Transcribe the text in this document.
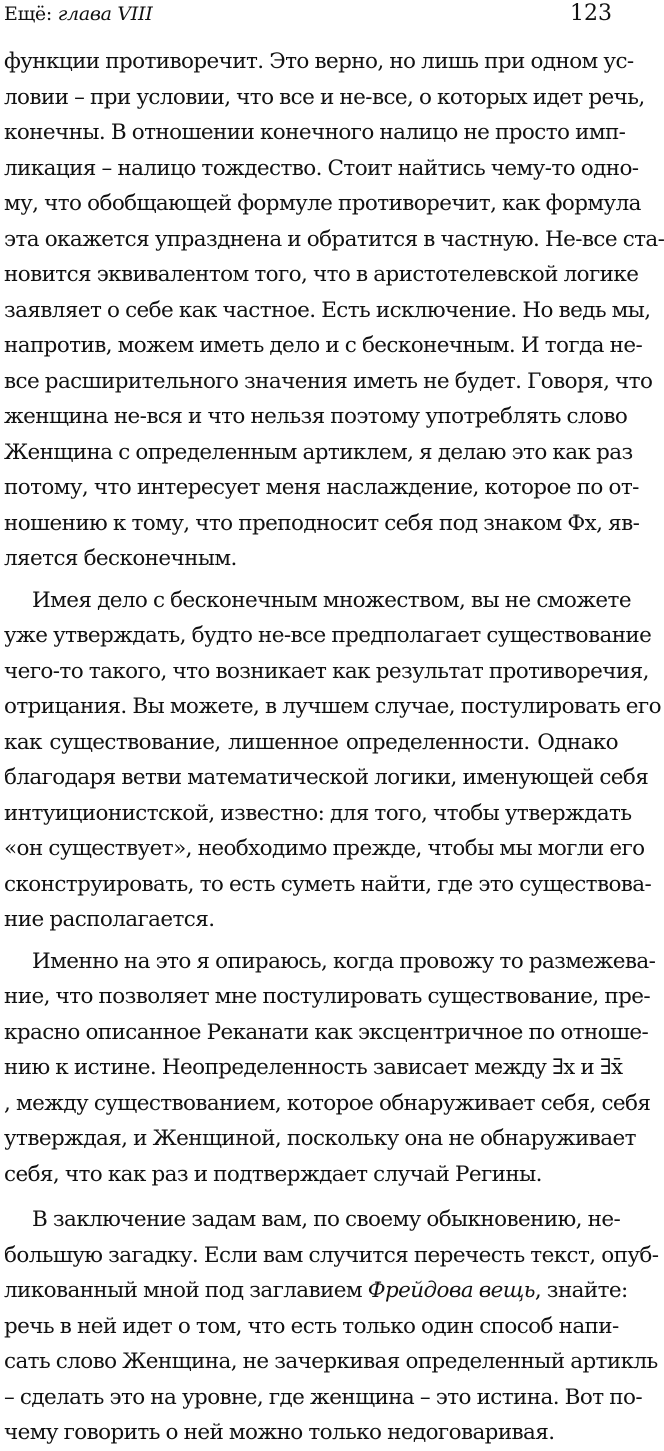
Ещё: глава VIII	123
функции противоречит. Это верно, но лишь при одном ус-
ловии – при условии, что все и не-все, о которых идет речь,
конечны. В отношении конечного налицо не просто имп-
ликация – налицо тождество. Стоит найтись чему-то одно-
му, что обобщающей формуле противоречит, как формула
эта окажется упразднена и обратится в частную. Не-все ста-
новится эквивалентом того, что в аристотелевской логике
заявляет о себе как частное. Есть исключение. Но ведь мы,
напротив, можем иметь дело и с бесконечным. И тогда не-
все расширительного значения иметь не будет. Говоря, что
женщина не-вся и что нельзя поэтому употреблять слово
Женщина с определенным артиклем, я делаю это как раз
потому, что интересует меня наслаждение, которое по от-
ношению к тому, что преподносит себя под знаком Фх, яв-
ляется бесконечным.
Имея дело с бесконечным множеством, вы не сможете
уже утверждать, будто не-все предполагает существование
чего-то такого, что возникает как результат противоречия,
отрицания. Вы можете, в лучшем случае, постулировать его
как существование, лишенное определенности. Однако
благодаря ветви математической логики, именующей себя
интуиционистской, известно: для того, чтобы утверждать
«он существует», необходимо прежде, чтобы мы могли его
сконструировать, то есть суметь найти, где это существова-
ние располагается.
Именно на это я опираюсь, когда провожу то размежева-
ние, что позволяет мне постулировать существование, пре-
красно описанное Реканати как эксцентричное по отноше-
нию к истине. Неопределенность зависает между ∃x и ∃x̄
, между существованием, которое обнаруживает себя, себя
утверждая, и Женщиной, поскольку она не обнаруживает
себя, что как раз и подтверждает случай Регины.
В заключение задам вам, по своему обыкновению, не-
большую загадку. Если вам случится перечесть текст, опуб-
ликованный мной под заглавием Фрейдова вещь, знайте:
речь в ней идет о том, что есть только один способ напи-
сать слово Женщина, не зачеркивая определенный артикль
– сделать это на уровне, где женщина – это истина. Вот по-
чему говорить о ней можно только недоговаривая.
